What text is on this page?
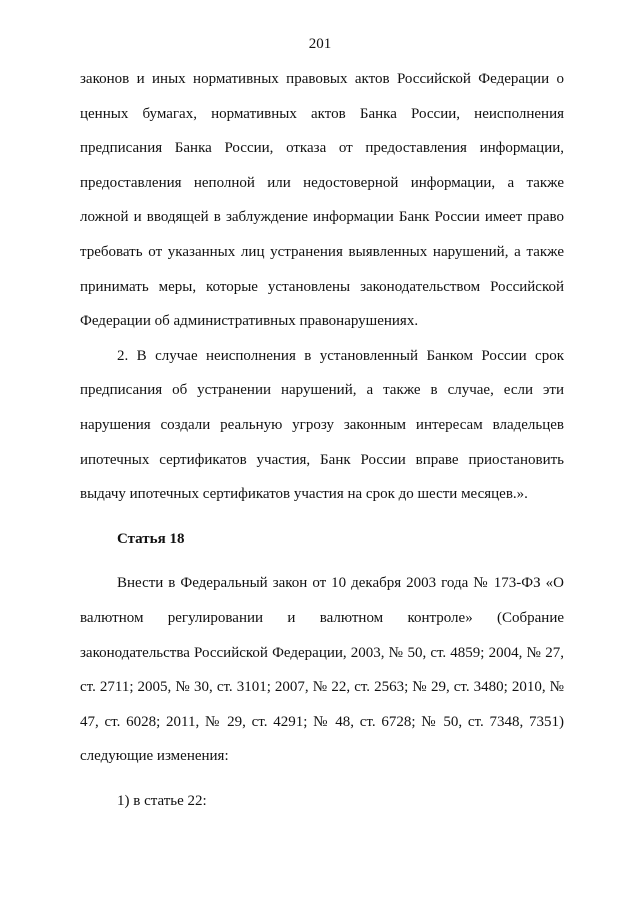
201

законов и иных нормативных правовых актов Российской Федерации о ценных бумагах, нормативных актов Банка России, неисполнения предписания Банка России, отказа от предоставления информации, предоставления неполной или недостоверной информации, а также ложной и вводящей в заблуждение информации Банк России имеет право требовать от указанных лиц устранения выявленных нарушений, а также принимать меры, которые установлены законодательством Российской Федерации об административных правонарушениях.

2. В случае неисполнения в установленный Банком России срок предписания об устранении нарушений, а также в случае, если эти нарушения создали реальную угрозу законным интересам владельцев ипотечных сертификатов участия, Банк России вправе приостановить выдачу ипотечных сертификатов участия на срок до шести месяцев.».

Статья 18

Внести в Федеральный закон от 10 декабря 2003 года № 173-ФЗ «О валютном регулировании и валютном контроле» (Собрание законодательства Российской Федерации, 2003, № 50, ст. 4859; 2004, № 27, ст. 2711; 2005, № 30, ст. 3101; 2007, № 22, ст. 2563; № 29, ст. 3480; 2010, № 47, ст. 6028; 2011, № 29, ст. 4291; № 48, ст. 6728; № 50, ст. 7348, 7351) следующие изменения:

1) в статье 22:
